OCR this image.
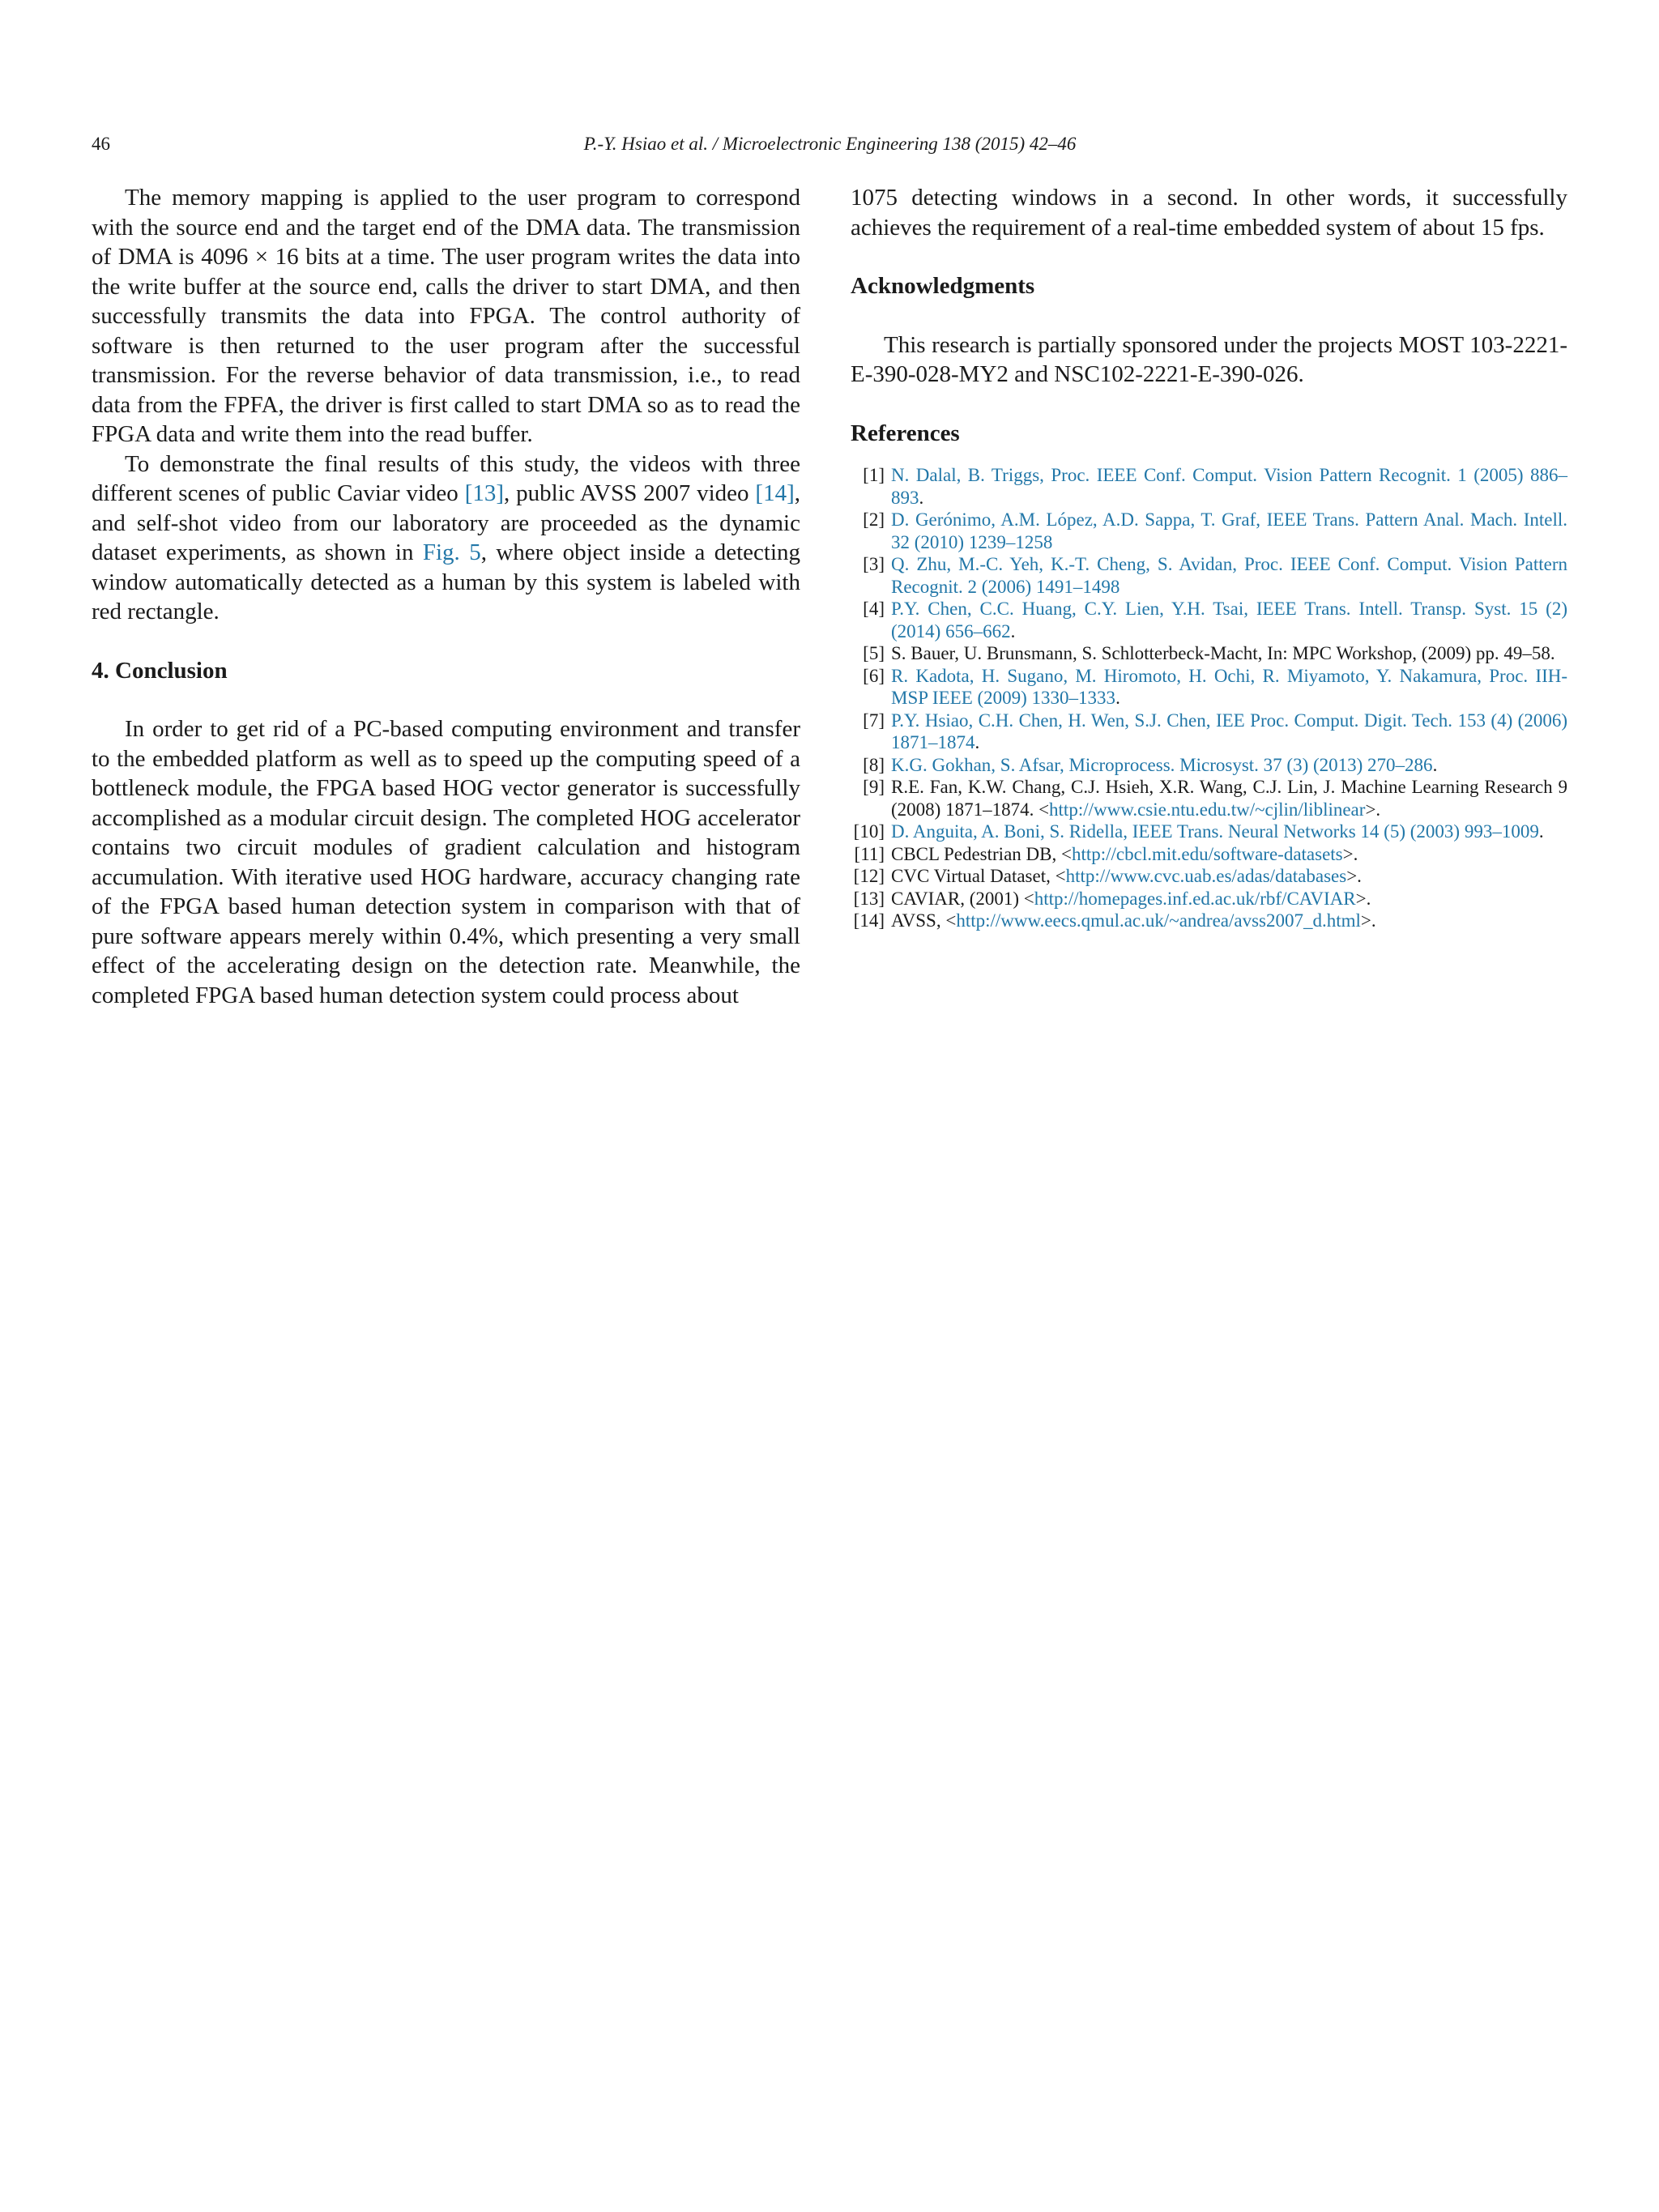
46	P.-Y. Hsiao et al. / Microelectronic Engineering 138 (2015) 42–46

The memory mapping is applied to the user program to correspond with the source end and the target end of the DMA data. The transmission of DMA is 4096 × 16 bits at a time. The user program writes the data into the write buffer at the source end, calls the driver to start DMA, and then successfully transmits the data into FPGA. The control authority of software is then returned to the user program after the successful transmission. For the reverse behavior of data transmission, i.e., to read data from the FPFA, the driver is first called to start DMA so as to read the FPGA data and write them into the read buffer.

To demonstrate the final results of this study, the videos with three different scenes of public Caviar video [13], public AVSS 2007 video [14], and self-shot video from our laboratory are proceeded as the dynamic dataset experiments, as shown in Fig. 5, where object inside a detecting window automatically detected as a human by this system is labeled with red rectangle.

4. Conclusion

In order to get rid of a PC-based computing environment and transfer to the embedded platform as well as to speed up the computing speed of a bottleneck module, the FPGA based HOG vector generator is successfully accomplished as a modular circuit design. The completed HOG accelerator contains two circuit modules of gradient calculation and histogram accumulation. With iterative used HOG hardware, accuracy changing rate of the FPGA based human detection system in comparison with that of pure software appears merely within 0.4%, which presenting a very small effect of the accelerating design on the detection rate. Meanwhile, the completed FPGA based human detection system could process about

1075 detecting windows in a second. In other words, it successfully achieves the requirement of a real-time embedded system of about 15 fps.

Acknowledgments

This research is partially sponsored under the projects MOST 103-2221-E-390-028-MY2 and NSC102-2221-E-390-026.

References
[1] N. Dalal, B. Triggs, Proc. IEEE Conf. Comput. Vision Pattern Recognit. 1 (2005) 886–893.
[2] D. Gerónimo, A.M. López, A.D. Sappa, T. Graf, IEEE Trans. Pattern Anal. Mach. Intell. 32 (2010) 1239–1258
[3] Q. Zhu, M.-C. Yeh, K.-T. Cheng, S. Avidan, Proc. IEEE Conf. Comput. Vision Pattern Recognit. 2 (2006) 1491–1498
[4] P.Y. Chen, C.C. Huang, C.Y. Lien, Y.H. Tsai, IEEE Trans. Intell. Transp. Syst. 15 (2) (2014) 656–662.
[5] S. Bauer, U. Brunsmann, S. Schlotterbeck-Macht, In: MPC Workshop, (2009) pp. 49–58.
[6] R. Kadota, H. Sugano, M. Hiromoto, H. Ochi, R. Miyamoto, Y. Nakamura, Proc. IIH-MSP IEEE (2009) 1330–1333.
[7] P.Y. Hsiao, C.H. Chen, H. Wen, S.J. Chen, IEE Proc. Comput. Digit. Tech. 153 (4) (2006) 1871–1874.
[8] K.G. Gokhan, S. Afsar, Microprocess. Microsyst. 37 (3) (2013) 270–286.
[9] R.E. Fan, K.W. Chang, C.J. Hsieh, X.R. Wang, C.J. Lin, J. Machine Learning Research 9 (2008) 1871–1874. <http://www.csie.ntu.edu.tw/~cjlin/liblinear>.
[10] D. Anguita, A. Boni, S. Ridella, IEEE Trans. Neural Networks 14 (5) (2003) 993–1009.
[11] CBCL Pedestrian DB, <http://cbcl.mit.edu/software-datasets>.
[12] CVC Virtual Dataset, <http://www.cvc.uab.es/adas/databases>.
[13] CAVIAR, (2001) <http://homepages.inf.ed.ac.uk/rbf/CAVIAR>.
[14] AVSS, <http://www.eecs.qmul.ac.uk/~andrea/avss2007_d.html>.
